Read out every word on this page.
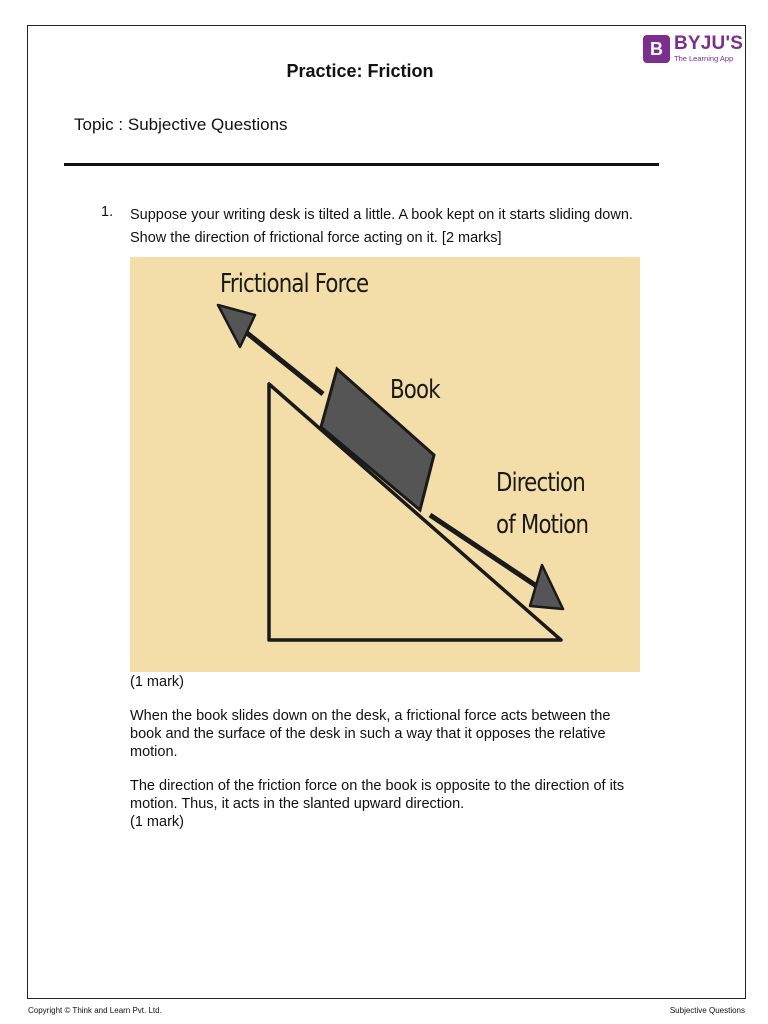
B BYJU'S
The Learning App
Practice: Friction
Topic : Subjective Questions
1. Suppose your writing desk is tilted a little. A book kept on it starts sliding down. Show the direction of frictional force acting on it. [2 marks]
Frictional Force
Book
Direction
of Motion
(1 mark)
When the book slides down on the desk, a frictional force acts between the book and the surface of the desk in such a way that it opposes the relative motion.
The direction of the friction force on the book is opposite to the direction of its motion. Thus, it acts in the slanted upward direction.
(1 mark)
Copyright © Think and Learn Pvt. Ltd.	Subjective Questions
